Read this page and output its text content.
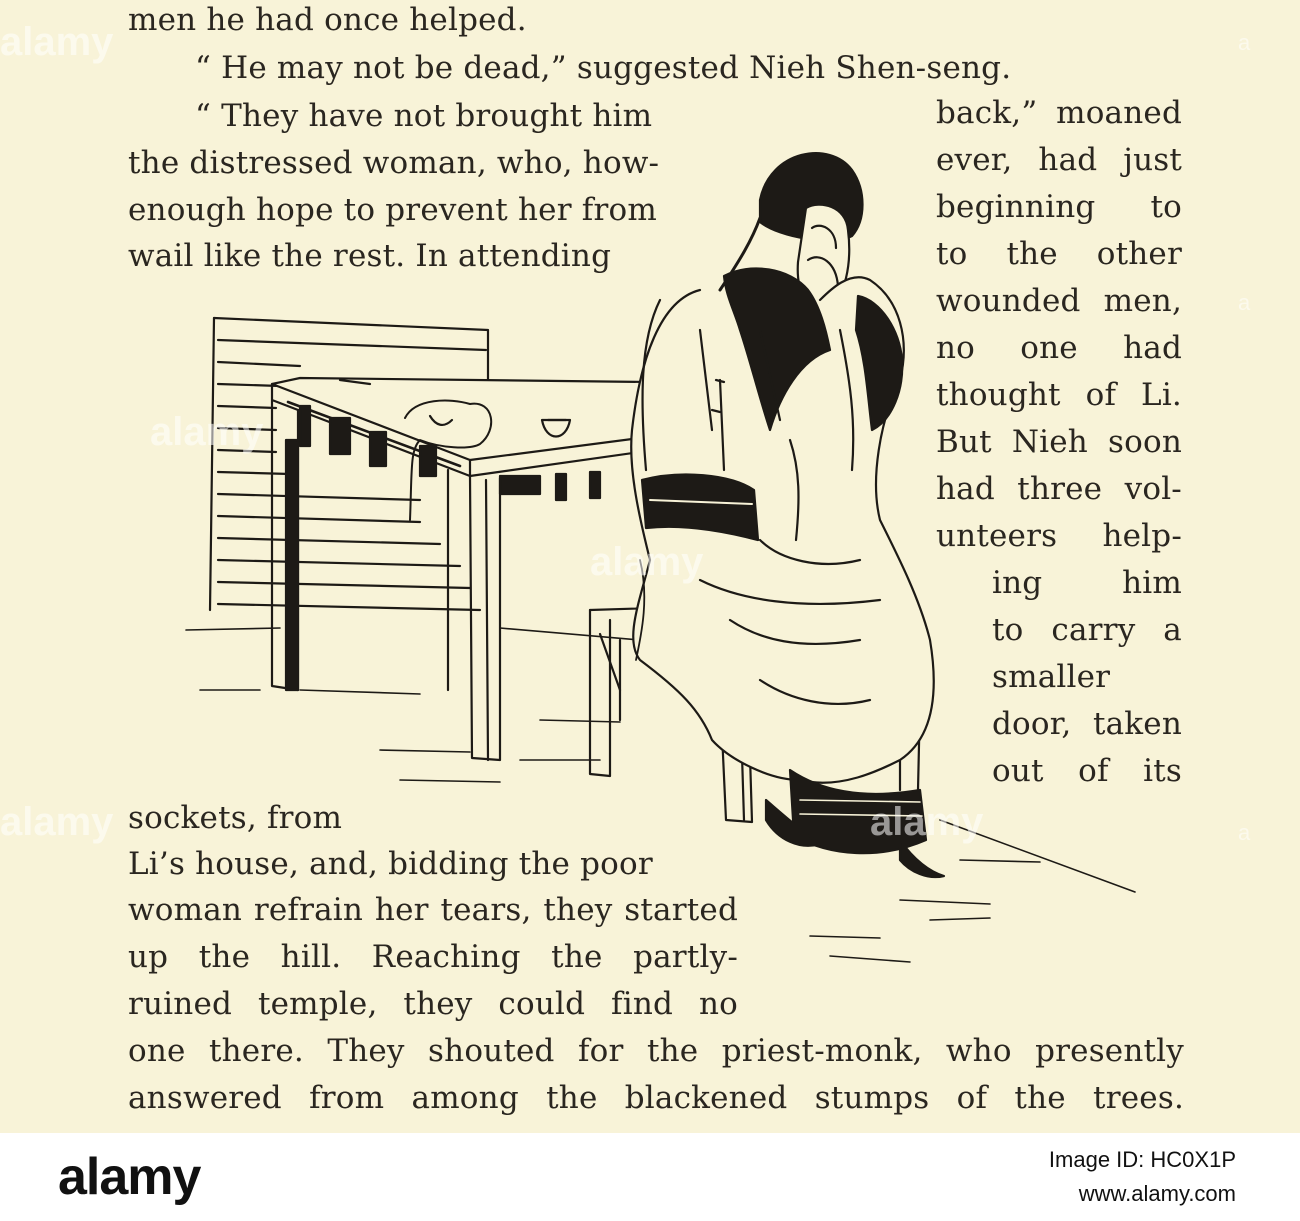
men he had once helped.
“ He may not be dead,” suggested Nieh Shen-seng.
“ They have not brought him
the distressed woman, who, how-
enough hope to prevent her from
wail like the rest. In attending
back,” moaned
ever, had just
beginning to
to the other
wounded men,
no one had
thought of Li.
But Nieh soon
had three vol-
unteers help-
ing him
to carry a
smaller
door, taken
out of its
sockets, from
Li’s house, and, bidding the poor
woman refrain her tears, they started
up the hill. Reaching the partly-
ruined temple, they could find no
one there. They shouted for the priest-monk, who presently
answered from among the blackened stumps of the trees.
alamy
alamy
alamy
alamy
alamy
a
a
a
alamy	Image ID: HC0X1P
www.alamy.com
